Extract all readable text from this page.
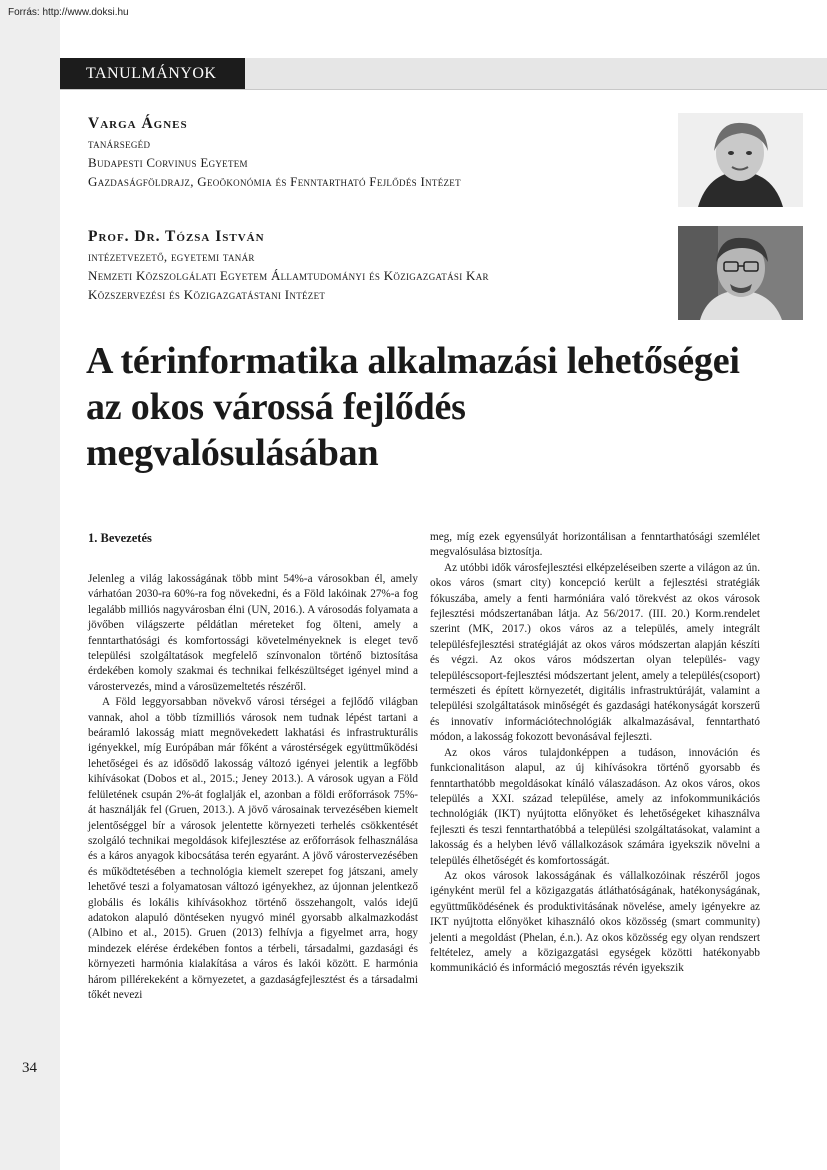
Forrás: http://www.doksi.hu
TANULMÁNYOK
Varga Ágnes
tanársegéd
Budapesti Corvinus Egyetem
Gazdaságföldrajz, Geoökonómia és Fenntartható Fejlődés Intézet
Prof. Dr. Tózsa István
intézetvezető, egyetemi tanár
Nemzeti Közszolgálati Egyetem Államtudományi és Közigazgatási Kar
Közszervezési és Közigazgatástani Intézet
A térinformatika alkalmazási lehetőségei az okos várossá fejlődés megvalósulásában
1. Bevezetés

Jelenleg a világ lakosságának több mint 54%-a városokban él, amely várhatóan 2030-ra 60%-ra fog növekedni, és a Föld lakóinak 27%-a fog legalább milliós nagyvárosban élni (UN, 2016.). A városodás folyamata a jövőben világszerte példátlan méreteket fog ölteni, amely a fenntarthatósági és komfortossági követelményeknek is eleget tevő települési szolgáltatások megfelelő színvonalon történő biztosítása érdekében komoly szakmai és technikai felkészültséget igényel mind a várostervezés, mind a városüzemeltetés részéről.

A Föld leggyorsabban növekvő városi térségei a fejlődő világban vannak, ahol a több tízmilliós városok nem tudnak lépést tartani a beáramló lakosság miatt megnövekedett lakhatási és infrastrukturális igényekkel, míg Európában már főként a várostérségek együttműködési lehetőségei és az idősödő lakosság változó igényei jelentik a legfőbb kihívásokat (Dobos et al., 2015.; Jeney 2013.). A városok ugyan a Föld felületének csupán 2%-át foglalják el, azonban a földi erőforrások 75%-át használják fel (Gruen, 2013.). A jövő városainak tervezésében kiemelt jelentőséggel bír a városok jelentette környezeti terhelés csökkentését szolgáló technikai megoldások kifejlesztése az erőforrások felhasználása és a káros anyagok kibocsátása terén egyaránt. A jövő várostervezésében és működtetésében a technológia kiemelt szerepet fog játszani, amely lehetővé teszi a folyamatosan változó igényekhez, az újonnan jelentkező globális és lokális kihívásokhoz történő összehangolt, valós idejű adatokon alapuló döntéseken nyugvó minél gyorsabb alkalmazkodást (Albino et al., 2015). Gruen (2013) felhívja a figyelmet arra, hogy mindezek elérése érdekében fontos a térbeli, társadalmi, gazdasági és környezeti harmónia kialakítása a város és lakói között. E harmónia három pillérekeként a környezetet, a gazdaságfejlesztést és a társadalmi tőkét nevezi

meg, míg ezek egyensúlyát horizontálisan a fenntarthatósági szemlélet megvalósulása biztosítja.

Az utóbbi idők városfejlesztési elképzeléseiben szerte a világon az ún. okos város (smart city) koncepció került a fejlesztési stratégiák fókuszába, amely a fenti harmóniára való törekvést az okos városok fejlesztési módszertanában látja. Az 56/2017. (III. 20.) Korm.rendelet szerint (MK, 2017.) okos város az a település, amely integrált településfejlesztési stratégiáját az okos város módszertan alapján készíti és végzi. Az okos város módszertan olyan település- vagy településcsoport-fejlesztési módszertant jelent, amely a település(csoport) természeti és épített környezetét, digitális infrastruktúráját, valamint a települési szolgáltatások minőségét és gazdasági hatékonyságát korszerű és innovatív információtechnológiák alkalmazásával, fenntartható módon, a lakosság fokozott bevonásával fejleszti.

Az okos város tulajdonképpen a tudáson, innováción és funkcionalitáson alapul, az új kihívásokra történő gyorsabb és fenntarthatóbb megoldásokat kínáló válaszadáson. Az okos város, okos település a XXI. század települése, amely az infokommunikációs technológiák (IKT) nyújtotta előnyöket és lehetőségeket kihasználva fejleszti és teszi fenntarthatóbbá a települési szolgáltatásokat, valamint a lakosság és a helyben lévő vállalkozások számára igyekszik növelni a település élhetőségét és komfortosságát.

Az okos városok lakosságának és vállalkozóinak részéről jogos igényként merül fel a közigazgatás átláthatóságának, hatékonyságának, együttműködésének és produktivitásának növelése, amely igényekre az IKT nyújtotta előnyöket kihasználó okos közösség (smart community) jelenti a megoldást (Phelan, é.n.). Az okos közösség egy olyan rendszert feltételez, amely a közigazgatási egységek közötti hatékonyabb kommunikáció és információ megosztás révén igyekszik

34
